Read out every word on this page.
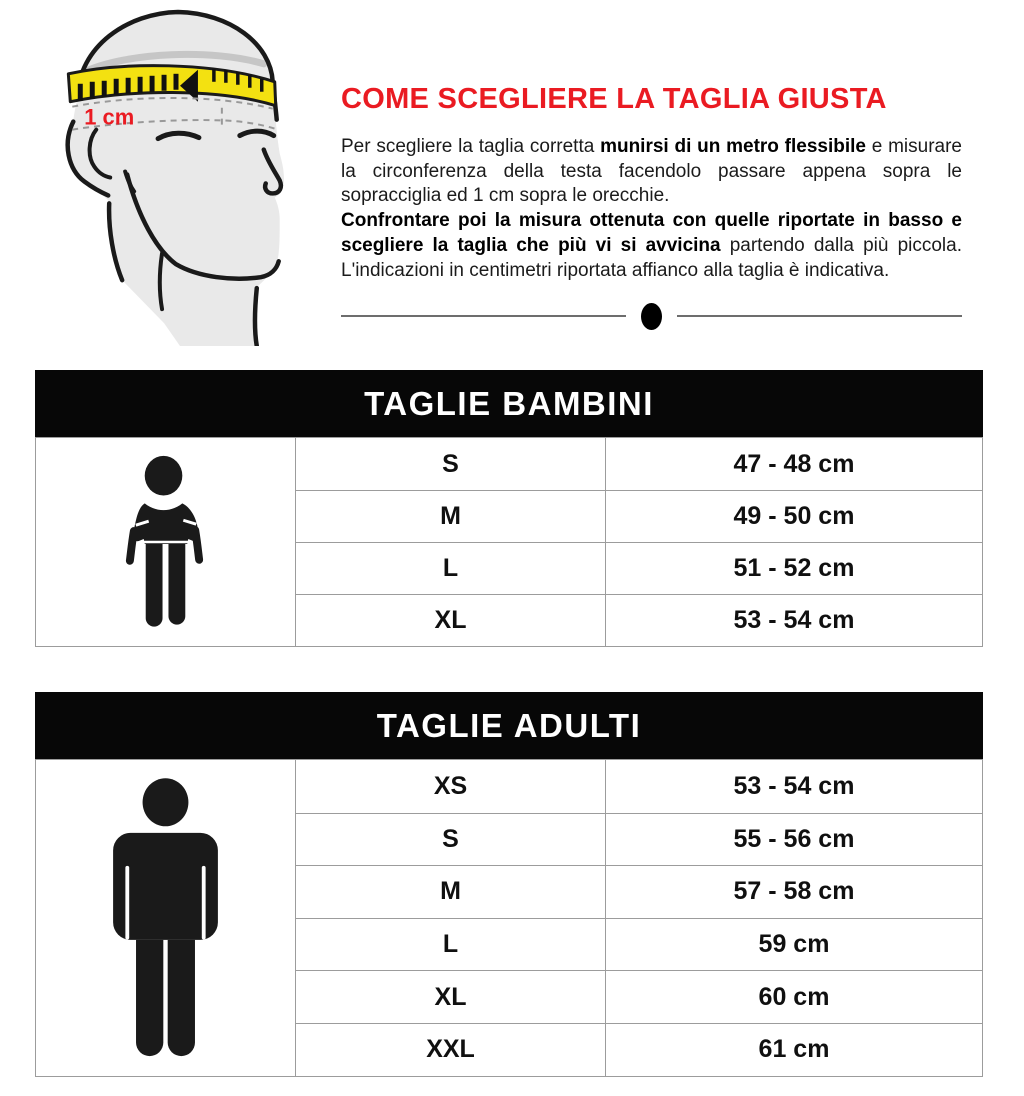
1 cm
COME SCEGLIERE LA TAGLIA GIUSTA

Per scegliere la taglia corretta munirsi di un metro flessibile e misurare la circonferenza della testa facendolo passare appena sopra le sopracciglia ed 1 cm sopra le orecchie.
Confrontare poi la misura ottenuta con quelle riportate in basso e scegliere la taglia che più vi si avvicina partendo dalla più piccola. L'indicazioni in centimetri riportata affianco alla taglia è indicativa.

TAGLIE BAMBINI
S	47 - 48 cm
M	49 - 50 cm
L	51 - 52 cm
XL	53 - 54 cm
TAGLIE ADULTI
XS	53 - 54 cm
S	55 - 56 cm
M	57 - 58 cm
L	59 cm
XL	60 cm
XXL	61 cm
